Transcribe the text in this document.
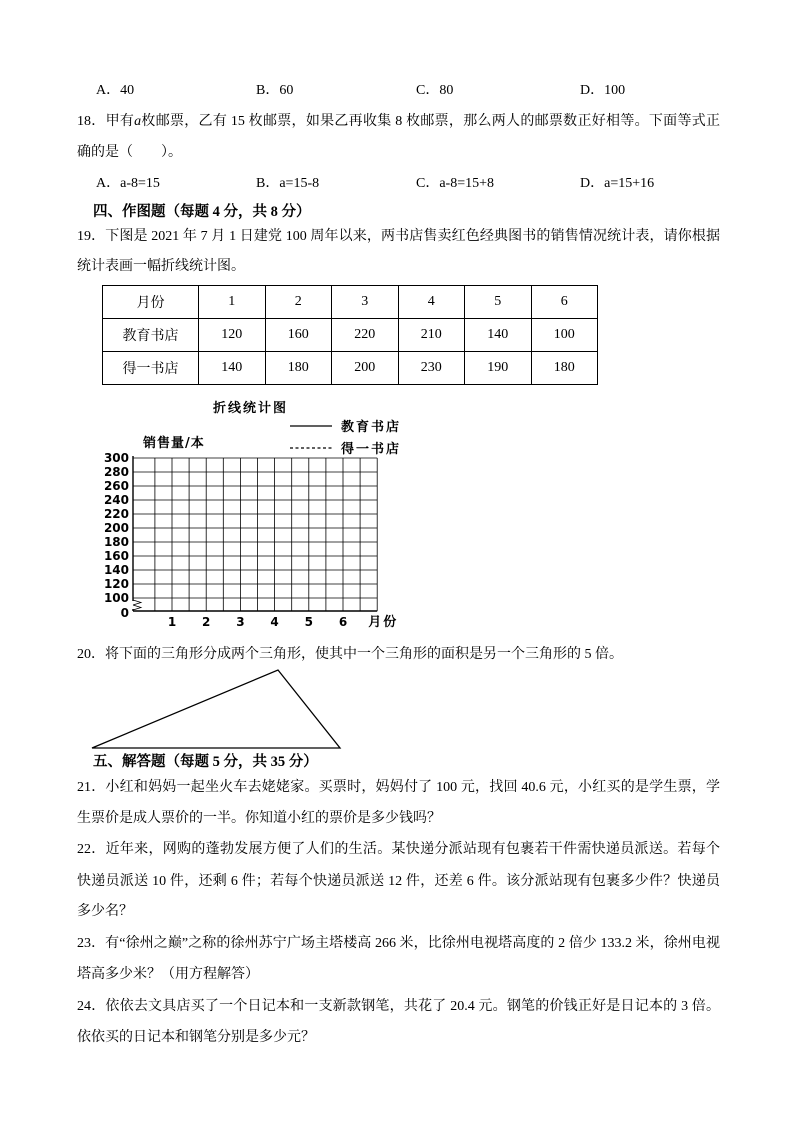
A．40	B．60	C．80	D．100
18．甲有a枚邮票，乙有 15 枚邮票，如果乙再收集 8 枚邮票，那么两人的邮票数正好相等。下面等式正
确的是（　　）。
A．a-8=15	B．a=15-8	C．a-8=15+8	D．a=15+16
四、作图题（每题 4 分，共 8 分）
19．下图是 2021 年 7 月 1 日建党 100 周年以来，两书店售卖红色经典图书的销售情况统计表，请你根据
统计表画一幅折线统计图。
月份	1	2	3	4	5	6
教育书店	120	160	220	210	140	100
得一书店	140	180	200	230	190	180
100
120
140
160
180
200
220
240
260
280
300
0
1 2 3 4 5 6 月份
折线统计图
销售量/本
教育书店
得一书店
20．将下面的三角形分成两个三角形，使其中一个三角形的面积是另一个三角形的 5 倍。
五、解答题（每题 5 分，共 35 分）
21．小红和妈妈一起坐火车去姥姥家。买票时，妈妈付了 100 元，找回 40.6 元，小红买的是学生票，学
生票价是成人票价的一半。你知道小红的票价是多少钱吗？
22．近年来，网购的蓬勃发展方便了人们的生活。某快递分派站现有包裹若干件需快递员派送。若每个
快递员派送 10 件，还剩 6 件；若每个快递员派送 12 件，还差 6 件。该分派站现有包裹多少件？快递员
多少名？
23．有“徐州之巅”之称的徐州苏宁广场主塔楼高 266 米，比徐州电视塔高度的 2 倍少 133.2 米，徐州电视
塔高多少米？（用方程解答）
24．依依去文具店买了一个日记本和一支新款钢笔，共花了 20.4 元。钢笔的价钱正好是日记本的 3 倍。
依依买的日记本和钢笔分别是多少元？
